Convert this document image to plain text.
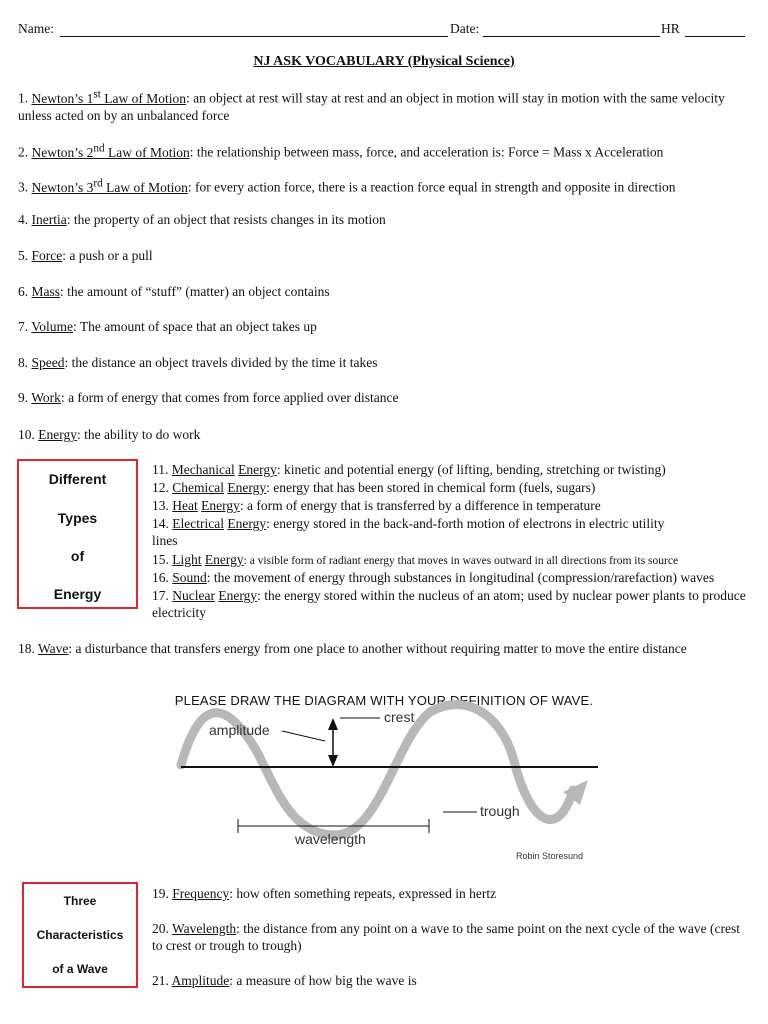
Name:	Date:	HR
NJ ASK VOCABULARY (Physical Science)
1. Newton’s 1st Law of Motion: an object at rest will stay at rest and an object in motion will stay in motion with the same velocity unless acted on by an unbalanced force
2. Newton’s 2nd Law of Motion: the relationship between mass, force, and acceleration is: Force = Mass x Acceleration
3. Newton’s 3rd Law of Motion: for every action force, there is a reaction force equal in strength and opposite in direction
4. Inertia: the property of an object that resists changes in its motion
5. Force: a push or a pull
6. Mass: the amount of “stuff” (matter) an object contains
7. Volume: The amount of space that an object takes up
8. Speed: the distance an object travels divided by the time it takes
9. Work: a form of energy that comes from force applied over distance
10. Energy: the ability to do work
Different
Types
of
Energy
11. Mechanical Energy: kinetic and potential energy (of lifting, bending, stretching or twisting)
12. Chemical Energy: energy that has been stored in chemical form (fuels, sugars)
13. Heat Energy: a form of energy that is transferred by a difference in temperature
14. Electrical Energy: energy stored in the back-and-forth motion of electrons in electric utility lines
15. Light Energy: a visible form of radiant energy that moves in waves outward in all directions from its source
16. Sound: the movement of energy through substances in longitudinal (compression/rarefaction) waves
17. Nuclear Energy: the energy stored within the nucleus of an atom; used by nuclear power plants to produce electricity
18. Wave: a disturbance that transfers energy from one place to another without requiring matter to move the entire distance
PLEASE DRAW THE DIAGRAM WITH YOUR DEFINITION OF WAVE.
amplitude
crest
trough
wavelength
Robin Storesund
Three
Characteristics
of a Wave
19. Frequency: how often something repeats, expressed in hertz
20. Wavelength: the distance from any point on a wave to the same point on the next cycle of the wave (crest to crest or trough to trough)
21. Amplitude: a measure of how big the wave is
